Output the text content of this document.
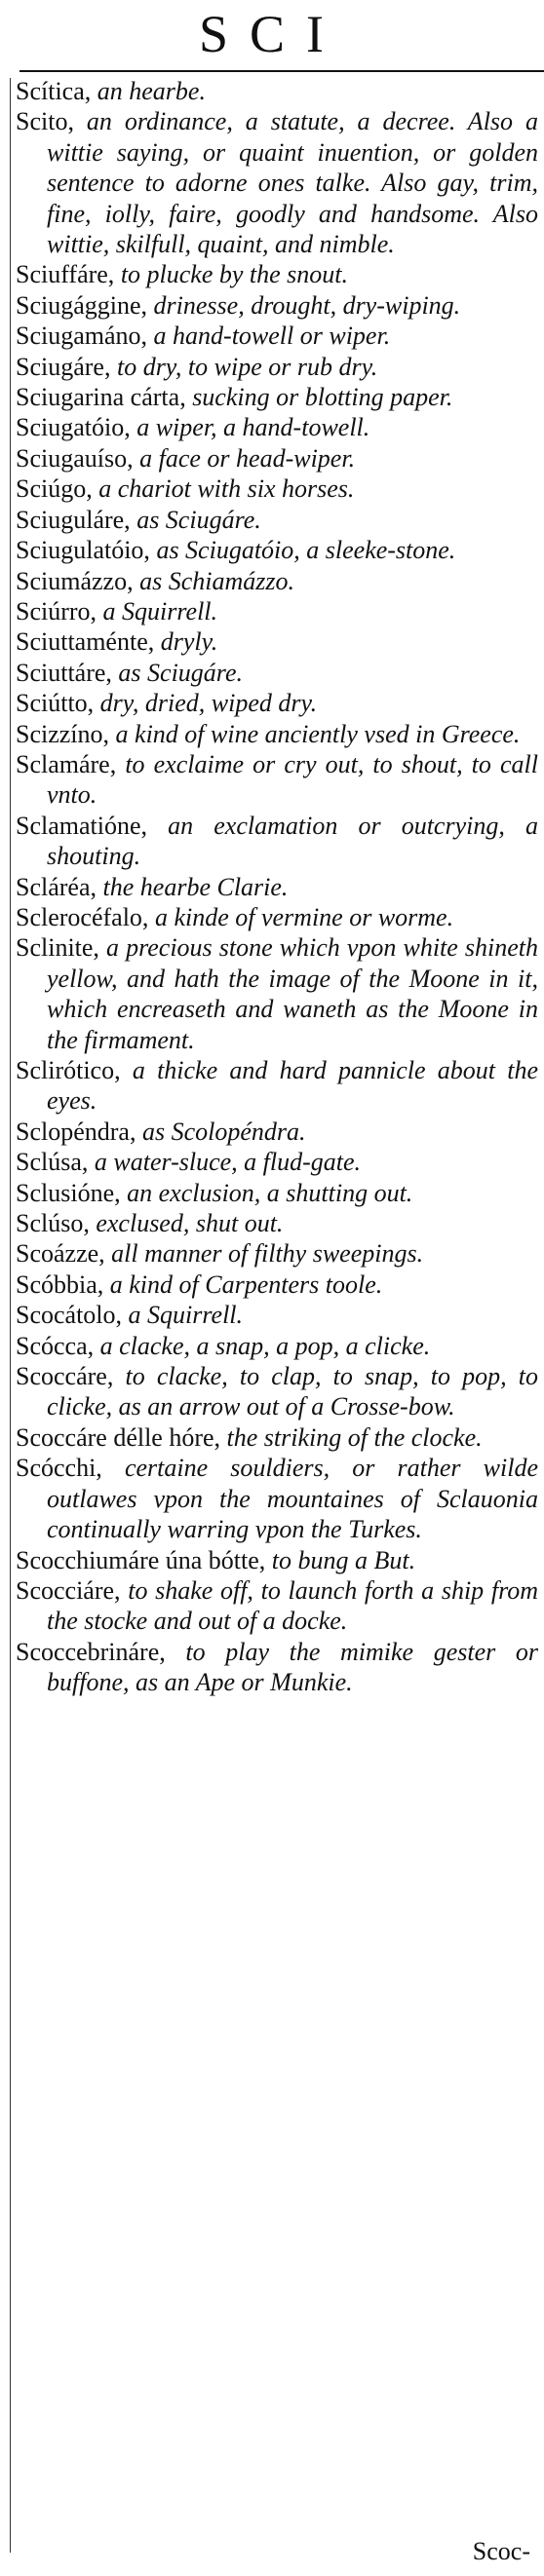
SCI

Scítica, an hearbe.

Scito, an ordinance, a statute, a decree. Also a wittie saying, or quaint inuention, or golden sentence to adorne ones talke. Also gay, trim, fine, iolly, faire, goodly and handsome. Also wittie, skilfull, quaint, and nimble.

Sciuffáre, to plucke by the snout.

Sciugággine, drinesse, drought, dry-wiping.

Sciugamáno, a hand-towell or wiper.

Sciugáre, to dry, to wipe or rub dry.

Sciugarina cárta, sucking or blotting paper.

Sciugatóio, a wiper, a hand-towell.

Sciugauíso, a face or head-wiper.

Sciúgo, a chariot with six horses.

Sciuguláre, as Sciugáre.

Sciugulatóio, as Sciugatóio, a sleeke-stone.

Sciumázzo, as Schiamázzo.

Sciúrro, a Squirrell.

Sciuttaménte, dryly.

Sciuttáre, as Sciugáre.

Sciútto, dry, dried, wiped dry.

Scizzíno, a kind of wine anciently vsed in Greece.

Sclamáre, to exclaime or cry out, to shout, to call vnto.

Sclamatióne, an exclamation or outcrying, a shouting.

Scláréa, the hearbe Clarie.

Sclerocéfalo, a kinde of vermine or worme.

Sclinite, a precious stone which vpon white shineth yellow, and hath the image of the Moone in it, which encreaseth and waneth as the Moone in the firmament.

Sclirótico, a thicke and hard pannicle about the eyes.

Sclopéndra, as Scolopéndra.

Sclúsa, a water-sluce, a flud-gate.

Sclusióne, an exclusion, a shutting out.

Sclúso, exclused, shut out.

Scoázze, all manner of filthy sweepings.

Scóbbia, a kind of Carpenters toole.

Scocátolo, a Squirrell.

Scócca, a clacke, a snap, a pop, a clicke.

Scoccáre, to clacke, to clap, to snap, to pop, to clicke, as an arrow out of a Crosse-bow.

Scoccáre délle hóre, the striking of the clocke.

Scócchi, certaine souldiers, or rather wilde outlawes vpon the mountaines of Sclauonia continually warring vpon the Turkes.

Scocchiumáre úna bótte, to bung a But.

Scocciáre, to shake off, to launch forth a ship from the stocke and out of a docke.

Scoccebrináre, to play the mimike gester or buffone, as an Ape or Munkie.

Scoc-
